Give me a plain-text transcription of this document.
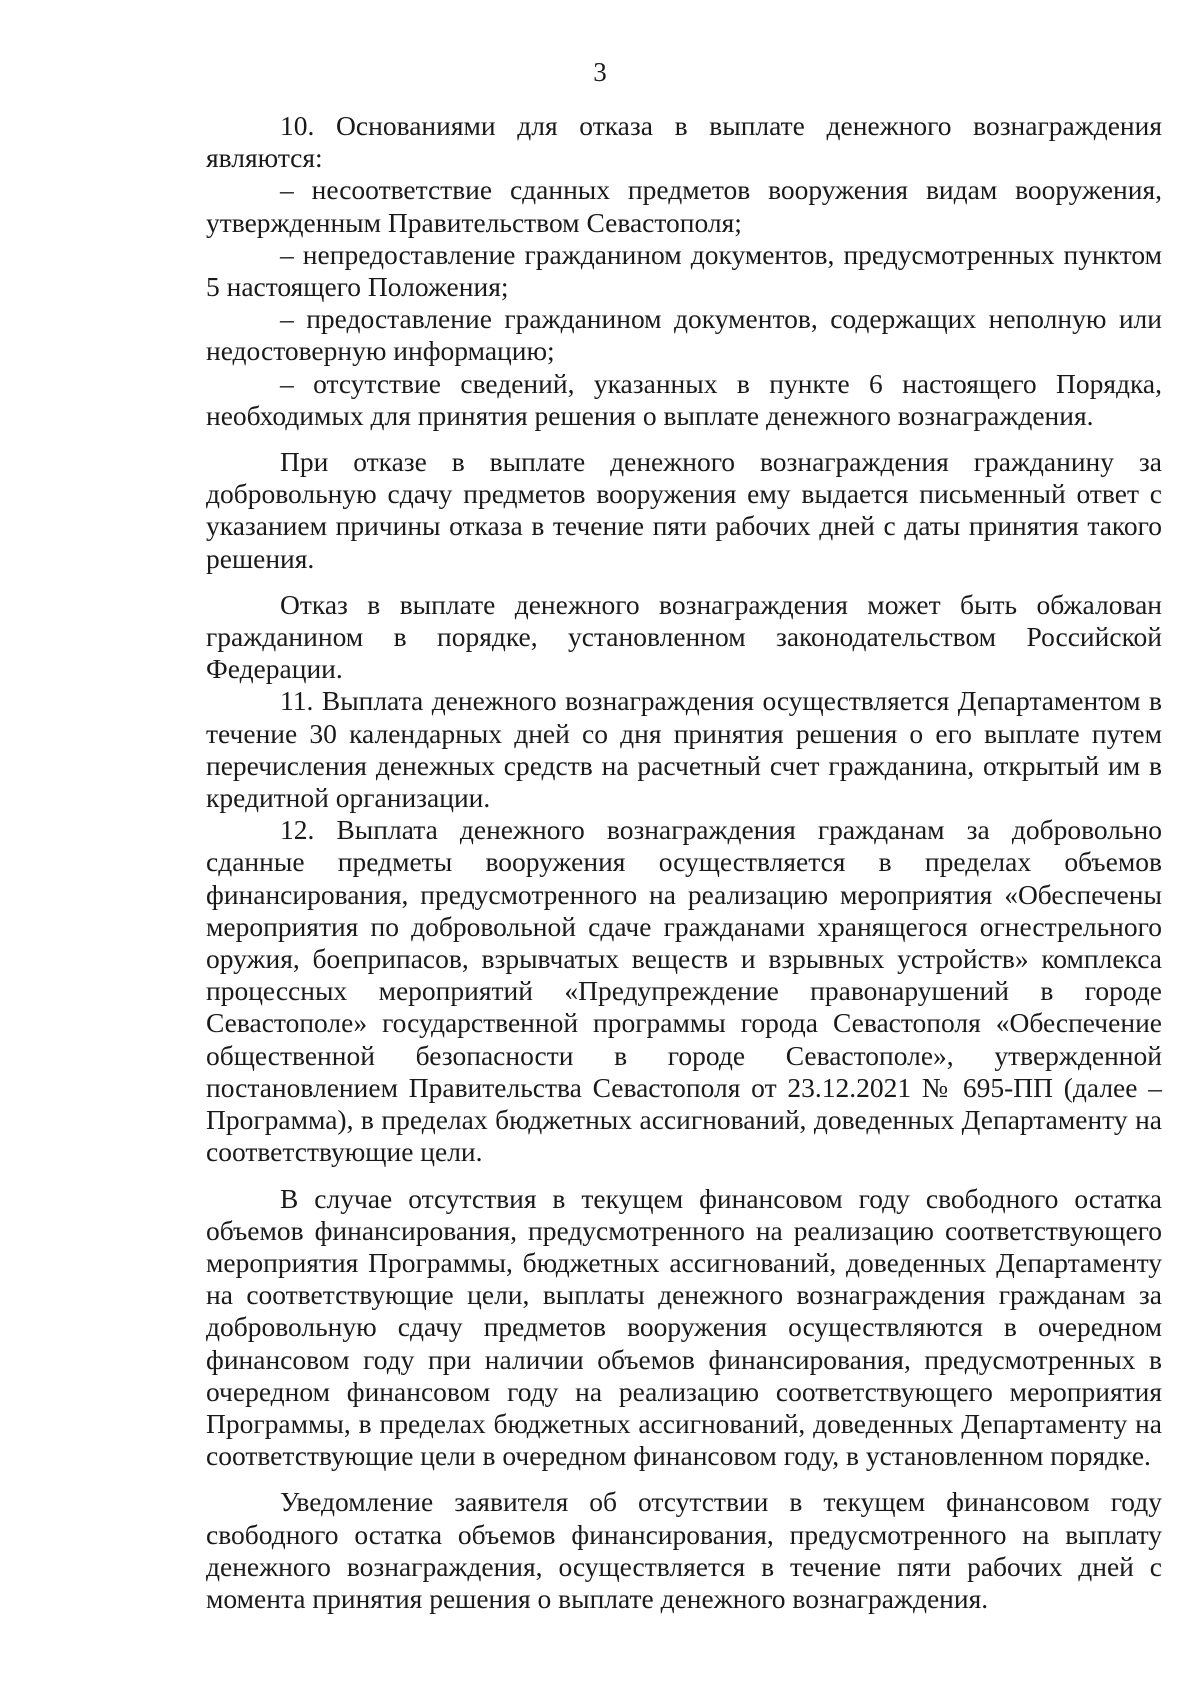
3

10. Основаниями для отказа в выплате денежного вознаграждения являются:

– несоответствие сданных предметов вооружения видам вооружения, утвержденным Правительством Севастополя;

– непредоставление гражданином документов, предусмотренных пунктом 5 настоящего Положения;

– предоставление гражданином документов, содержащих неполную или недостоверную информацию;

– отсутствие сведений, указанных в пункте 6 настоящего Порядка, необходимых для принятия решения о выплате денежного вознаграждения.

При отказе в выплате денежного вознаграждения гражданину за добровольную сдачу предметов вооружения ему выдается письменный ответ с указанием причины отказа в течение пяти рабочих дней с даты принятия такого решения.

Отказ в выплате денежного вознаграждения может быть обжалован гражданином в порядке, установленном законодательством Российской Федерации.

11. Выплата денежного вознаграждения осуществляется Департаментом в течение 30 календарных дней со дня принятия решения о его выплате путем перечисления денежных средств на расчетный счет гражданина, открытый им в кредитной организации.

12. Выплата денежного вознаграждения гражданам за добровольно сданные предметы вооружения осуществляется в пределах объемов финансирования, предусмотренного на реализацию мероприятия «Обеспечены мероприятия по добровольной сдаче гражданами хранящегося огнестрельного оружия, боеприпасов, взрывчатых веществ и взрывных устройств» комплекса процессных мероприятий «Предупреждение правонарушений в городе Севастополе» государственной программы города Севастополя «Обеспечение общественной безопасности в городе Севастополе», утвержденной постановлением Правительства Севастополя от 23.12.2021 № 695-ПП (далее – Программа), в пределах бюджетных ассигнований, доведенных Департаменту на соответствующие цели.

В случае отсутствия в текущем финансовом году свободного остатка объемов финансирования, предусмотренного на реализацию соответствующего мероприятия Программы, бюджетных ассигнований, доведенных Департаменту на соответствующие цели, выплаты денежного вознаграждения гражданам за добровольную сдачу предметов вооружения осуществляются в очередном финансовом году при наличии объемов финансирования, предусмотренных в очередном финансовом году на реализацию соответствующего мероприятия Программы, в пределах бюджетных ассигнований, доведенных Департаменту на соответствующие цели в очередном финансовом году, в установленном порядке.

Уведомление заявителя об отсутствии в текущем финансовом году свободного остатка объемов финансирования, предусмотренного на выплату денежного вознаграждения, осуществляется в течение пяти рабочих дней с момента принятия решения о выплате денежного вознаграждения.
